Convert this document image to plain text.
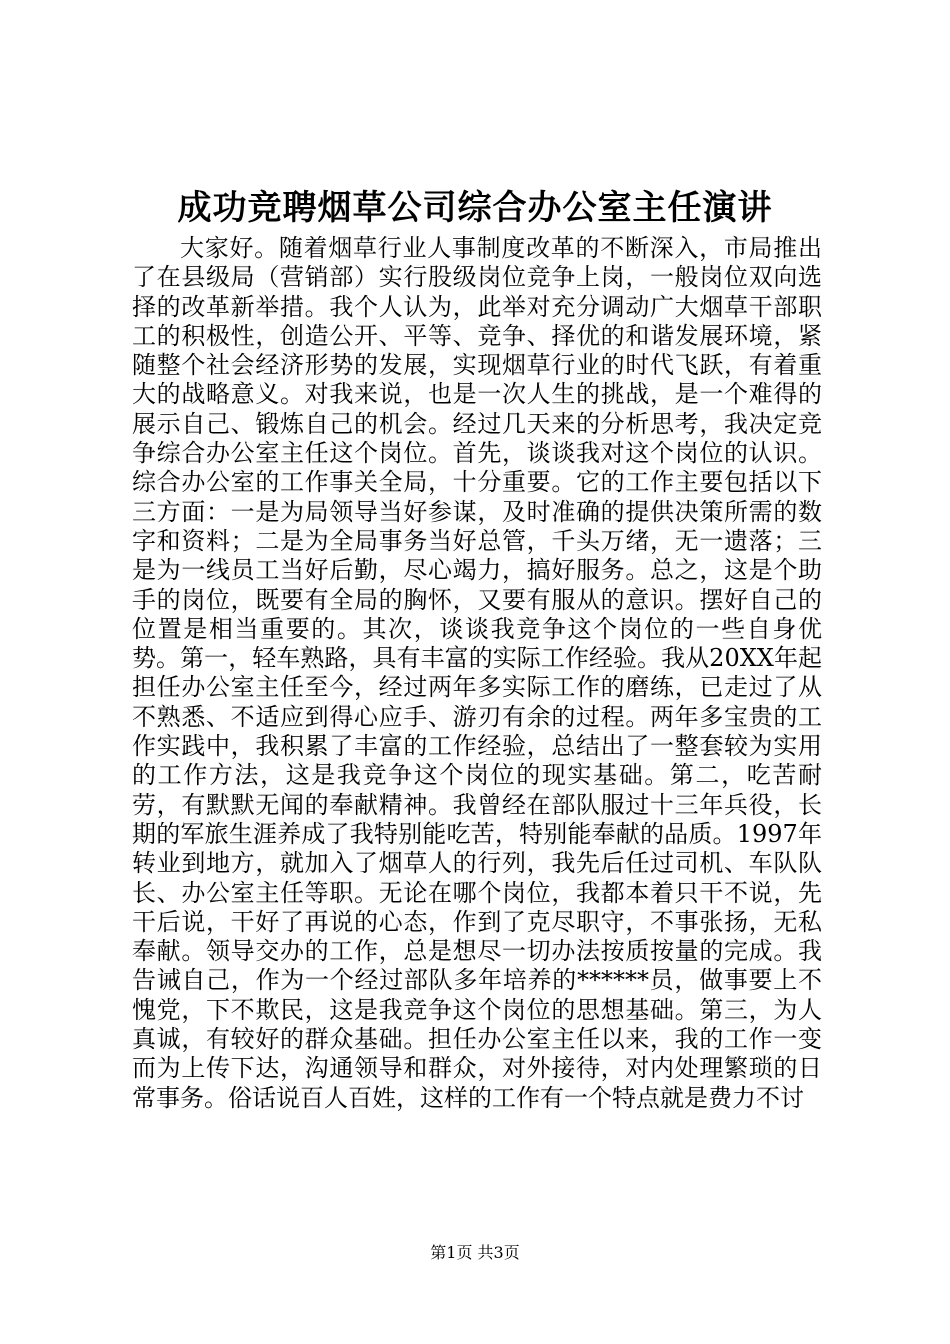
成功竞聘烟草公司综合办公室主任演讲

大家好。随着烟草行业人事制度改革的不断深入，市局推出了在县级局（营销部）实行股级岗位竞争上岗，一般岗位双向选择的改革新举措。我个人认为，此举对充分调动广大烟草干部职工的积极性，创造公开、平等、竞争、择优的和谐发展环境，紧随整个社会经济形势的发展，实现烟草行业的时代飞跃，有着重大的战略意义。对我来说，也是一次人生的挑战，是一个难得的展示自己、锻炼自己的机会。经过几天来的分析思考，我决定竞争综合办公室主任这个岗位。首先，谈谈我对这个岗位的认识。综合办公室的工作事关全局，十分重要。它的工作主要包括以下三方面：一是为局领导当好参谋，及时准确的提供决策所需的数字和资料；二是为全局事务当好总管，千头万绪，无一遗落；三是为一线员工当好后勤，尽心竭力，搞好服务。总之，这是个助手的岗位，既要有全局的胸怀，又要有服从的意识。摆好自己的位置是相当重要的。其次，谈谈我竞争这个岗位的一些自身优势。第一，轻车熟路，具有丰富的实际工作经验。我从20XX年起担任办公室主任至今，经过两年多实际工作的磨练，已走过了从不熟悉、不适应到得心应手、游刃有余的过程。两年多宝贵的工作实践中，我积累了丰富的工作经验，总结出了一整套较为实用的工作方法，这是我竞争这个岗位的现实基础。第二，吃苦耐劳，有默默无闻的奉献精神。我曾经在部队服过十三年兵役，长期的军旅生涯养成了我特别能吃苦，特别能奉献的品质。1997年转业到地方，就加入了烟草人的行列，我先后任过司机、车队队长、办公室主任等职。无论在哪个岗位，我都本着只干不说，先干后说，干好了再说的心态，作到了克尽职守，不事张扬，无私奉献。领导交办的工作，总是想尽一切办法按质按量的完成。我告诫自己，作为一个经过部队多年培养的******员，做事要上不愧党，下不欺民，这是我竞争这个岗位的思想基础。第三，为人真诚，有较好的群众基础。担任办公室主任以来，我的工作一变而为上传下达，沟通领导和群众，对外接待，对内处理繁琐的日常事务。俗话说百人百姓，这样的工作有一个特点就是费力不讨

第1页 共3页
